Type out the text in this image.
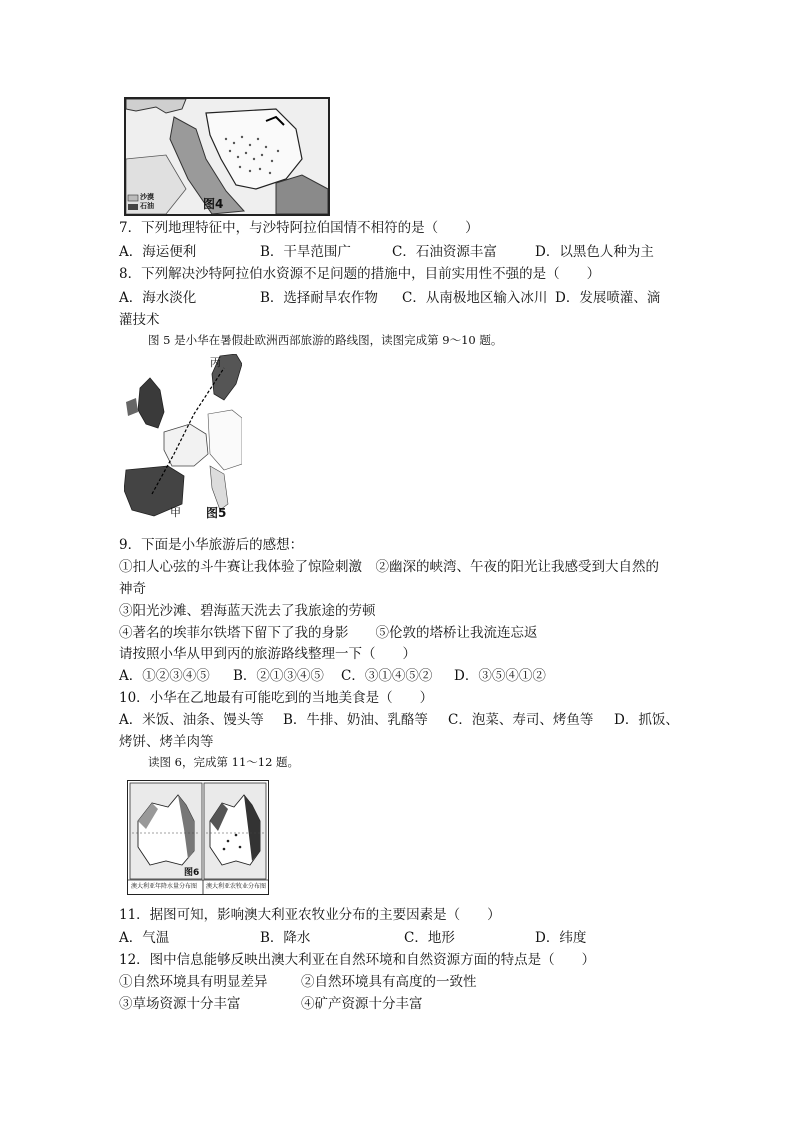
沙漠
石油	图4
7．下列地理特征中，与沙特阿拉伯国情不相符的是（　　）
A．海运便利	B．干旱范围广	C．石油资源丰富	D．以黑色人种为主
8．下列解决沙特阿拉伯水资源不足问题的措施中，目前实用性不强的是（　　）
A．海水淡化	B．选择耐旱农作物 C．从南极地区输入冰川 D．发展喷灌、滴
灌技术
图 5 是小华在暑假赴欧洲西部旅游的路线图，读图完成第 9～10 题。
丙
甲 图5
9．下面是小华旅游后的感想：
①扣人心弦的斗牛赛让我体验了惊险刺激　②幽深的峡湾、午夜的阳光让我感受到大自然的
神奇
③阳光沙滩、碧海蓝天洗去了我旅途的劳顿
④著名的埃菲尔铁塔下留下了我的身影　　⑤伦敦的塔桥让我流连忘返
请按照小华从甲到丙的旅游路线整理一下（　　）
A．①②③④⑤ B．②①③④⑤ C．③①④⑤② D．③⑤④①②
10．小华在乙地最有可能吃到的当地美食是（　　）
A．米饭、油条、馒头等 B．牛排、奶油、乳酪等 C．泡菜、寿司、烤鱼等 D．抓饭、
烤饼、烤羊肉等
读图 6，完成第 11～12 题。
图6
澳大利亚年降水量分布图 澳大利亚农牧业分布图
11．据图可知，影响澳大利亚农牧业分布的主要因素是（　　）
A．气温	B．降水	C．地形	D．纬度
12．图中信息能够反映出澳大利亚在自然环境和自然资源方面的特点是（　　）
①自然环境具有明显差异 ②自然环境具有高度的一致性
③草场资源十分丰富	④矿产资源十分丰富
